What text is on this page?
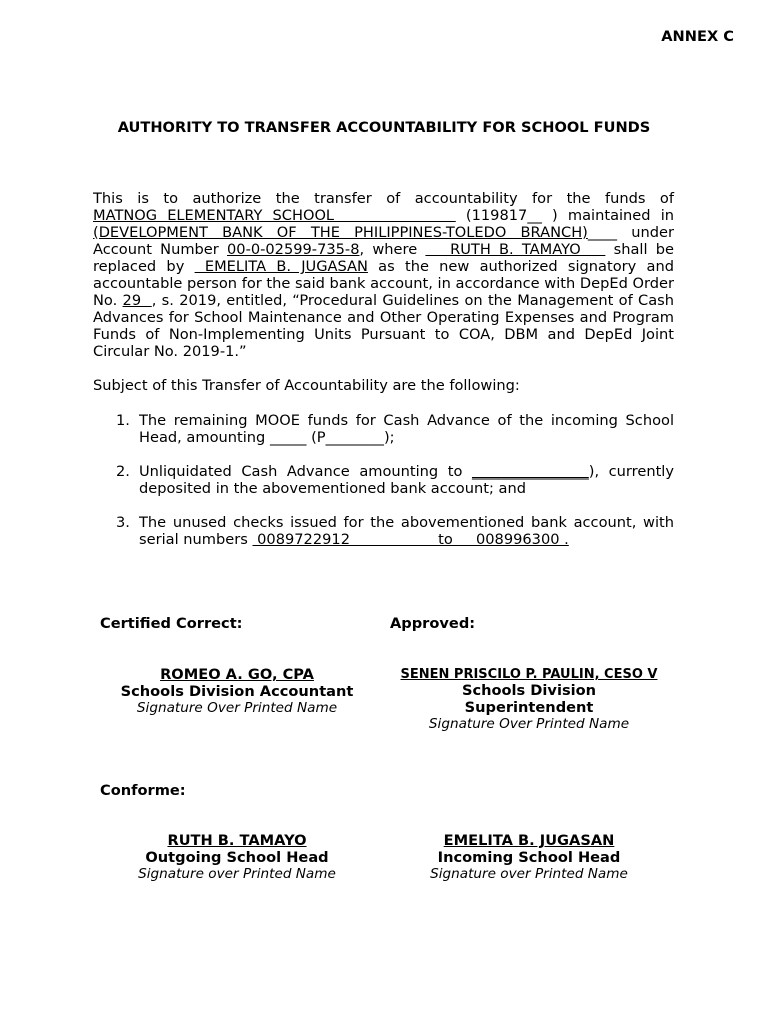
ANNEX C
AUTHORITY TO TRANSFER ACCOUNTABILITY FOR SCHOOL FUNDS
This is to authorize the transfer of accountability for the funds of MATNOG ELEMENTARY SCHOOL             (119817__ ) maintained in (DEVELOPMENT BANK OF THE PHILIPPINES-TOLEDO BRANCH)____ under Account Number 00-0-02599-735-8, where    RUTH B. TAMAYO    shall be replaced by  EMELITA B. JUGASAN as the new authorized signatory and accountable person for the said bank account, in accordance with DepEd Order No. 29  , s. 2019, entitled, “Procedural Guidelines on the Management of Cash Advances for School Maintenance and Other Operating Expenses and Program Funds of Non-Implementing Units Pursuant to COA, DBM and DepEd Joint Circular No. 2019-1.”
Subject of this Transfer of Accountability are the following:
1. The remaining MOOE funds for Cash Advance of the incoming School Head, amounting _____ (P________);
2. Unliquidated Cash Advance amounting to ________________), currently deposited in the abovementioned bank account; and
3. The unused checks issued for the abovementioned bank account, with serial numbers  0089722912                   to     008996300 .
Certified Correct:	Approved:
ROMEO A. GO, CPA
Schools Division Accountant
Signature Over Printed Name
SENEN PRISCILO P. PAULIN, CESO V
Schools Division Superintendent
Signature Over Printed Name
Conforme:
RUTH B. TAMAYO
Outgoing School Head
Signature over Printed Name
EMELITA B. JUGASAN
Incoming School Head
Signature over Printed Name
